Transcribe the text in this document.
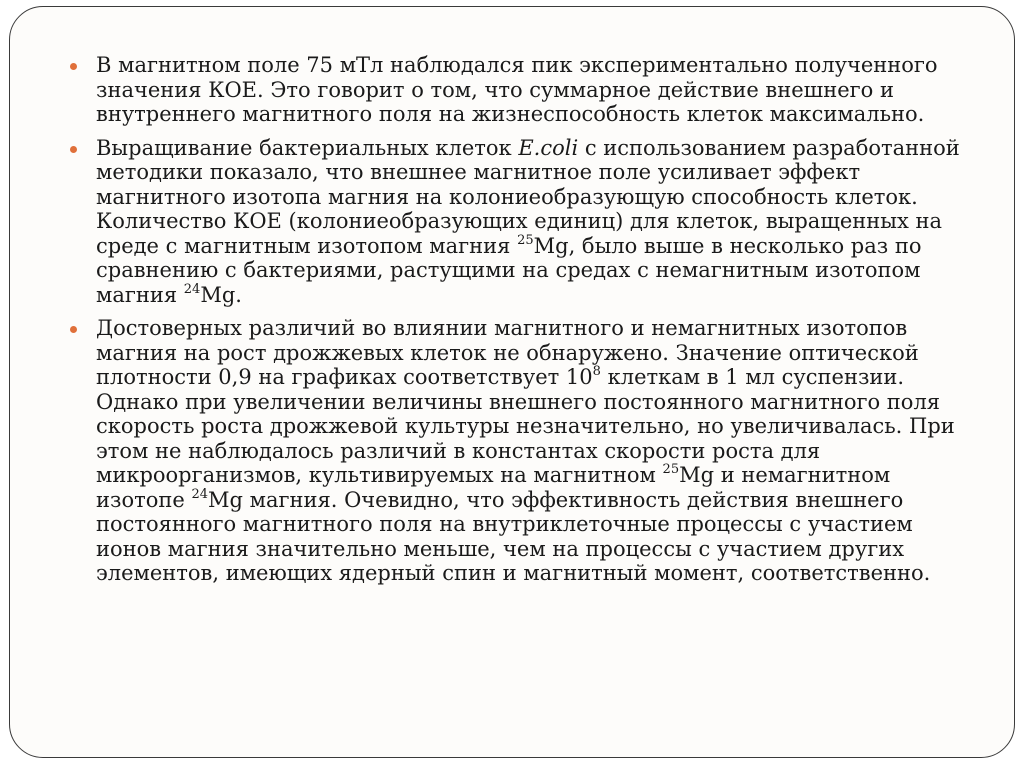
В магнитном поле 75 мТл наблюдался пик экспериментально полученного значения КОЕ. Это говорит о том, что суммарное действие внешнего и внутреннего магнитного поля на жизнеспособность клеток максимально.
Выращивание бактериальных клеток E.coli с использованием разработанной методики показало, что внешнее магнитное поле усиливает эффект магнитного изотопа магния на колониеобразующую способность клеток. Количество КОЕ (колониеобразующих единиц) для клеток, выращенных на среде с магнитным изотопом магния $^{25}$Mg, было выше в несколько раз по сравнению с бактериями, растущими на средах с немагнитным изотопом магния $^{24}$Mg.
Достоверных различий во влиянии магнитного и немагнитных изотопов магния на рост дрожжевых клеток не обнаружено. Значение оптической плотности 0,9 на графиках соответствует $10^8$ клеткам в 1 мл суспензии. Однако при увеличении величины внешнего постоянного магнитного поля скорость роста дрожжевой культуры незначительно, но увеличивалась. При этом не наблюдалось различий в константах скорости роста для микроорганизмов, культивируемых на магнитном $^{25}$Mg и немагнитном изотопе $^{24}$Mg магния. Очевидно, что эффективность действия внешнего постоянного магнитного поля на внутриклеточные процессы с участием ионов магния значительно меньше, чем на процессы с участием других элементов, имеющих ядерный спин и магнитный момент, соответственно.
